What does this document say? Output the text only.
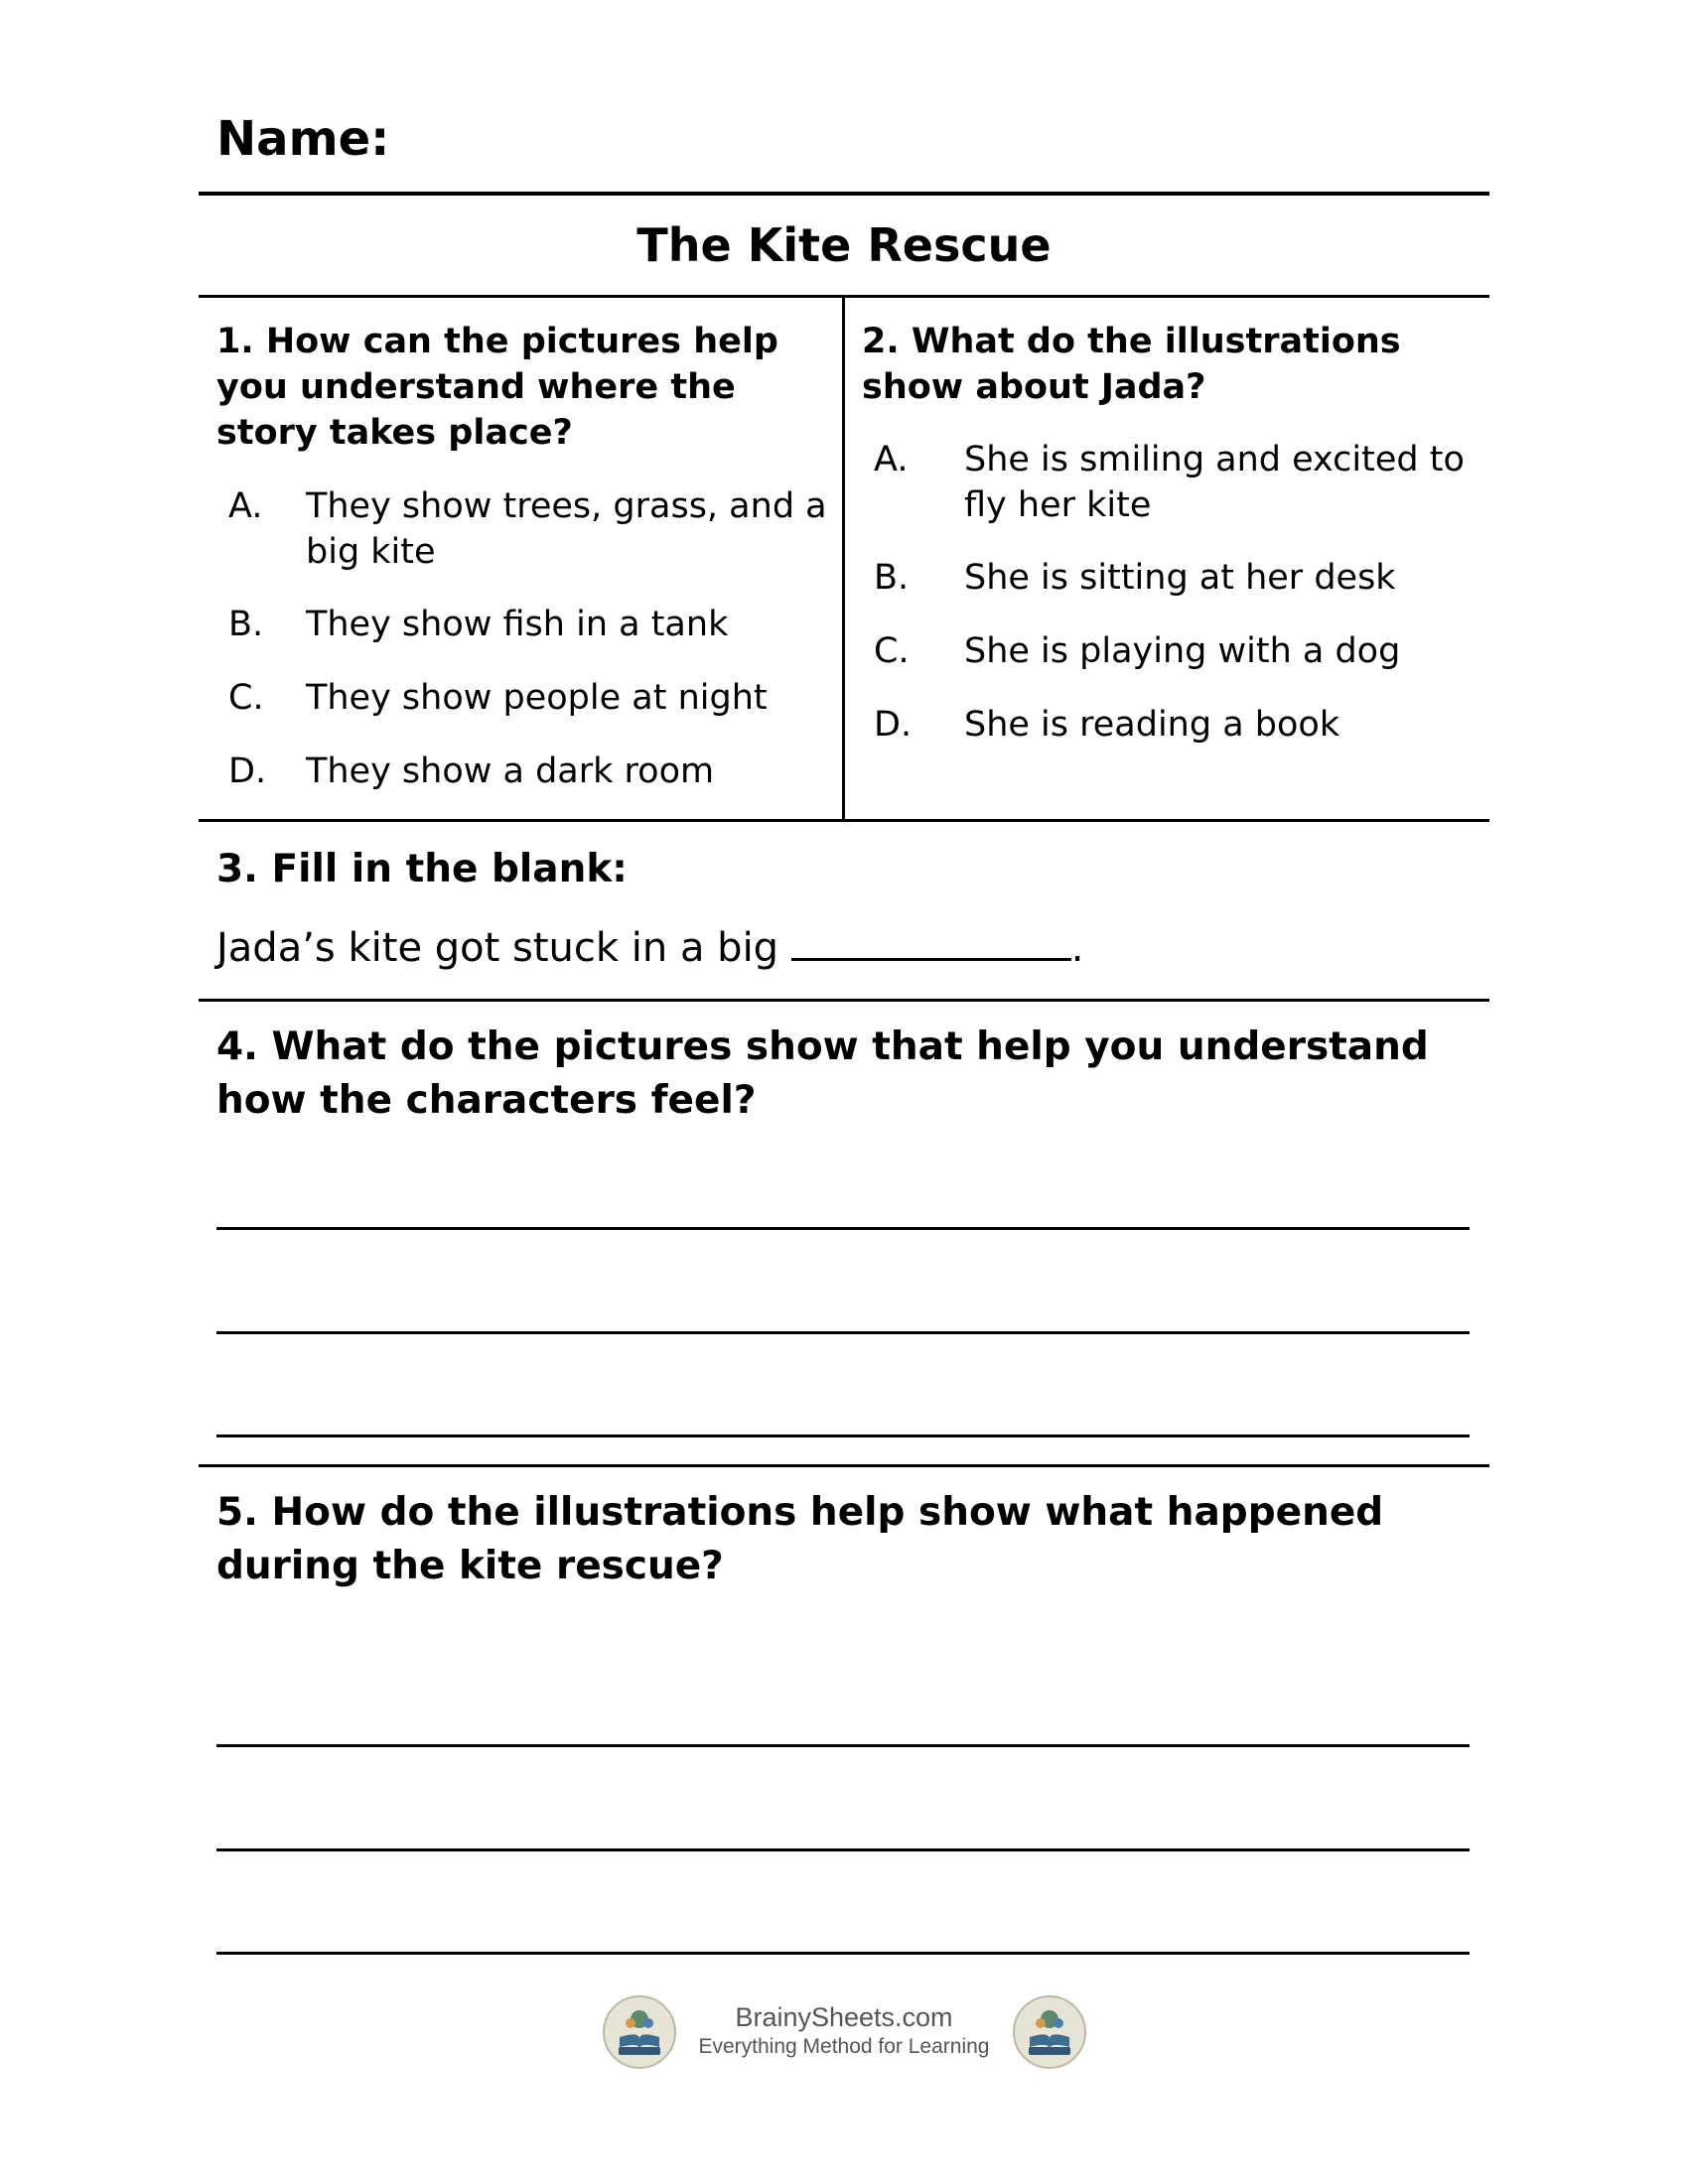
Name:
The Kite Rescue
1. How can the pictures help you understand where the story takes place?
A.	They show trees, grass, and a big kite
B.	They show fish in a tank
C.	They show people at night
D.	They show a dark room
2. What do the illustrations show about Jada?
A.	She is smiling and excited to fly her kite
B.	She is sitting at her desk
C.	She is playing with a dog
D.	She is reading a book
3. Fill in the blank:
Jada’s kite got stuck in a big	.
4. What do the pictures show that help you understand how the characters feel?
5. How do the illustrations help show what happened during the kite rescue?
BrainySheets.com
Everything Method for Learning
